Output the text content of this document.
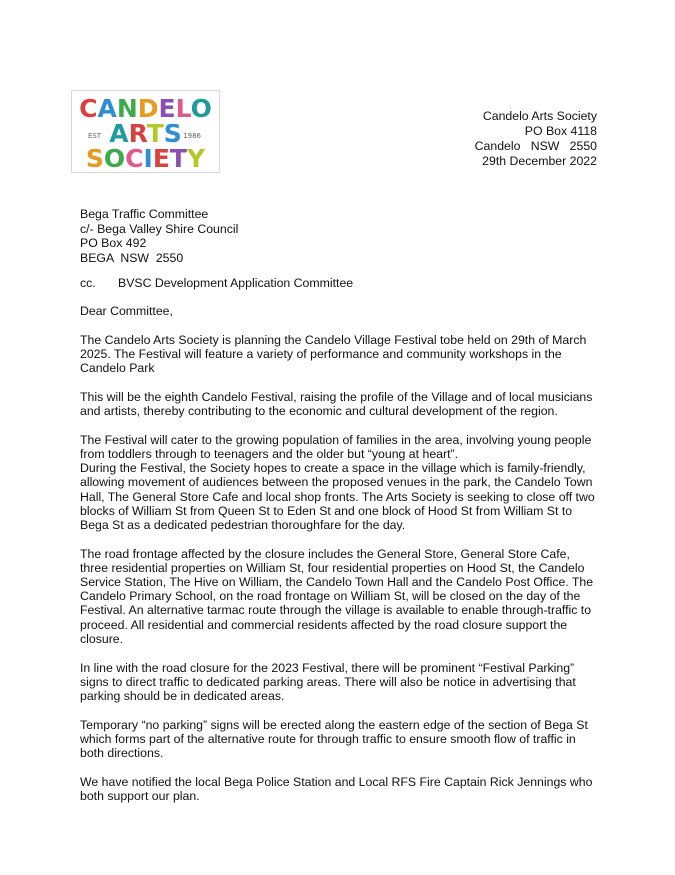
CANDELO
EST ARTS 1986
SOCIETY
Candelo Arts Society
PO Box 4118
Candelo   NSW   2550
29th December 2022
Bega Traffic Committee
c/- Bega Valley Shire Council
PO Box 492
BEGA  NSW  2550
cc. BVSC Development Application Committee

Dear Committee,

The Candelo Arts Society is planning the Candelo Village Festival tobe held on 29th of March 2025. The Festival will feature a variety of performance and community workshops in the Candelo Park

This will be the eighth Candelo Festival, raising the profile of the Village and of local musicians and artists, thereby contributing to the economic and cultural development of the region.

The Festival will cater to the growing population of families in the area, involving young people from toddlers through to teenagers and the older but “young at heart”.

During the Festival, the Society hopes to create a space in the village which is family-friendly, allowing movement of audiences between the proposed venues in the park, the Candelo Town Hall, The General Store Cafe and local shop fronts. The Arts Society is seeking to close off two blocks of William St from Queen St to Eden St and one block of Hood St from William St to Bega St as a dedicated pedestrian thoroughfare for the day.

The road frontage affected by the closure includes the General Store, General Store Cafe, three residential properties on William St, four residential properties on Hood St, the Candelo Service Station, The Hive on William, the Candelo Town Hall and the Candelo Post Office. The Candelo Primary School, on the road frontage on William St, will be closed on the day of the Festival. An alternative tarmac route through the village is available to enable through-traffic to proceed. All residential and commercial residents affected by the road closure support the closure.

In line with the road closure for the 2023 Festival, there will be prominent “Festival Parking” signs to direct traffic to dedicated parking areas. There will also be notice in advertising that parking should be in dedicated areas.

Temporary “no parking” signs will be erected along the eastern edge of the section of Bega St which forms part of the alternative route for through traffic to ensure smooth flow of traffic in both directions.

We have notified the local Bega Police Station and Local RFS Fire Captain Rick Jennings who both support our plan.
